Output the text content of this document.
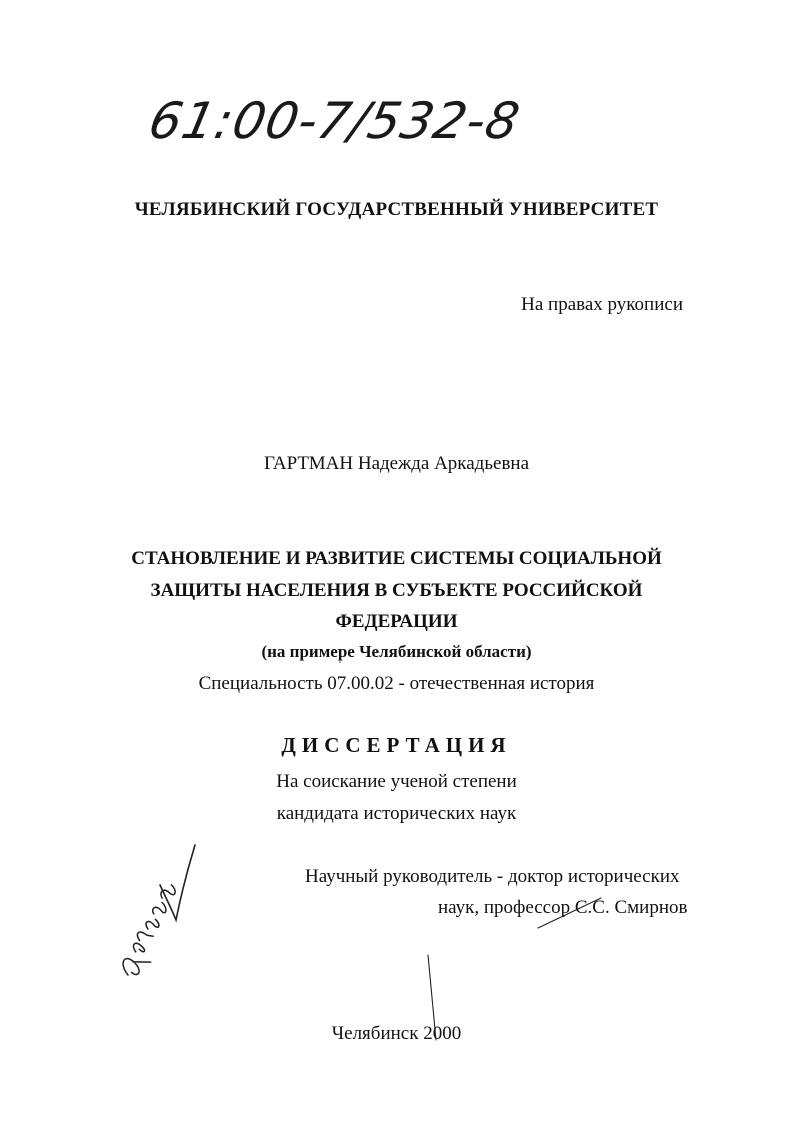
61:00-7/532-8
ЧЕЛЯБИНСКИЙ ГОСУДАРСТВЕННЫЙ УНИВЕРСИТЕТ
На правах рукописи
ГАРТМАН Надежда Аркадьевна
СТАНОВЛЕНИЕ И РАЗВИТИЕ СИСТЕМЫ СОЦИАЛЬНОЙ
ЗАЩИТЫ НАСЕЛЕНИЯ В СУБЪЕКТЕ РОССИЙСКОЙ
ФЕДЕРАЦИИ
(на примере Челябинской области)
Специальность 07.00.02 - отечественная история
ДИССЕРТАЦИЯ
На соискание ученой степени
кандидата исторических наук
Научный руководитель - доктор исторических
наук, профессор С.С. Смирнов
Челябинск 2000
